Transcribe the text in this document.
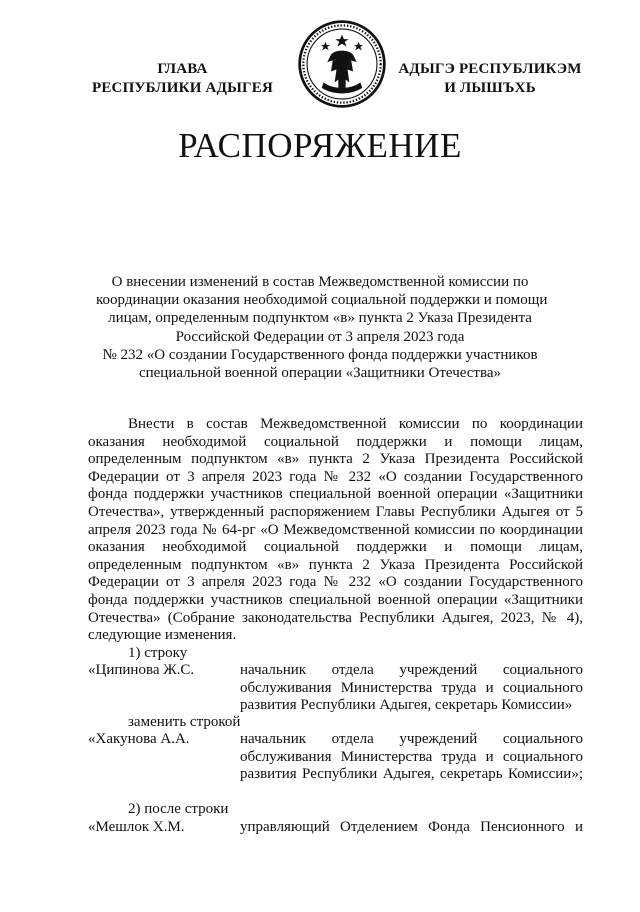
ГЛАВА
РЕСПУБЛИКИ АДЫГЕЯ
АДЫГЭ РЕСПУБЛИКЭМ
И ЛЫШЪХЬ
РАСПОРЯЖЕНИЕ
О внесении изменений в состав Межведомственной комиссии по
координации оказания необходимой социальной поддержки и помощи
лицам, определенным подпунктом «в» пункта 2 Указа Президента
Российской Федерации от 3 апреля 2023 года
№ 232 «О создании Государственного фонда поддержки участников
специальной военной операции «Защитники Отечества»

Внести в состав Межведомственной комиссии по координации оказания необходимой социальной поддержки и помощи лицам, определенным подпунктом «в» пункта 2 Указа Президента Российской Федерации от 3 апреля 2023 года № 232 «О создании Государственного фонда поддержки участников специальной военной операции «Защитники Отечества», утвержденный распоряжением Главы Республики Адыгея от 5 апреля 2023 года № 64-рг «О Межведомственной комиссии по координации оказания необходимой социальной поддержки и помощи лицам, определенным подпунктом «в» пункта 2 Указа Президента Российской Федерации от 3 апреля 2023 года № 232 «О создании Государственного фонда поддержки участников специальной военной операции «Защитники Отечества» (Собрание законодательства Республики Адыгея, 2023, № 4), следующие изменения.

1) строку
«Ципинова Ж.С.	начальник отдела учреждений социального обслуживания Министерства труда и социального развития Республики Адыгея, секретарь Комиссии»
заменить строкой
«Хакунова А.А.	начальник отдела учреждений социального обслуживания Министерства труда и социального развития Республики Адыгея, секретарь Комиссии»;
2) после строки
«Мешлок Х.М.	управляющий Отделением Фонда Пенсионного и
